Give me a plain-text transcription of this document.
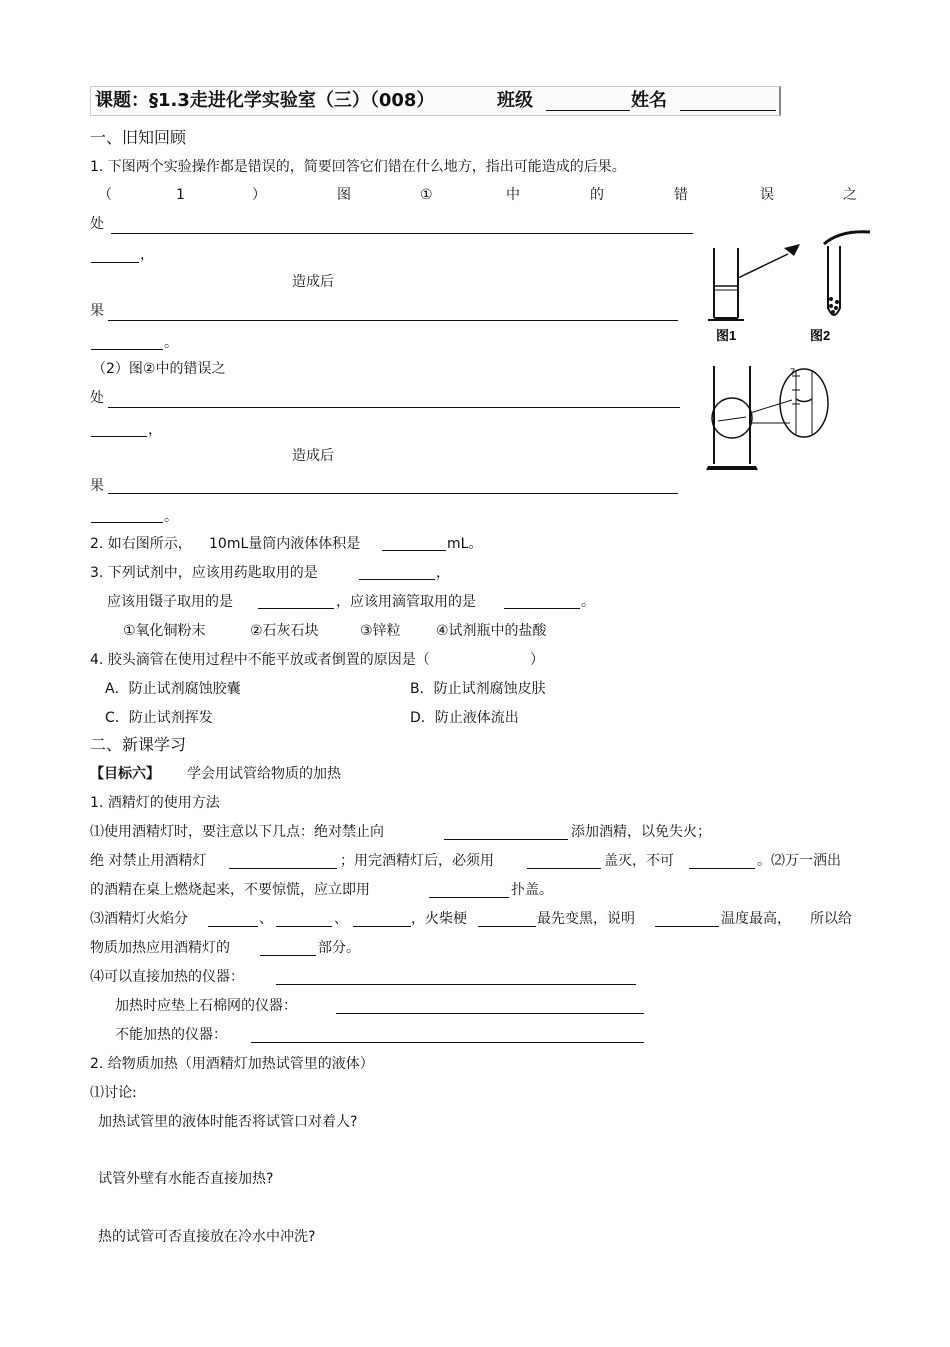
课题：§1.3走进化学实验室（三）（008）	班级	姓名
一、旧知回顾
1. 下图两个实验操作都是错误的，简要回答它们错在什么地方，指出可能造成的后果。
（	1	）	图	①	中	的	错	误	之
处
，
造成后
果
。
（2）图②中的错误之
处
，
造成后
果
。
2. 如右图所示， 10mL量筒内液体体积是	mL。
3. 下列试剂中，应该用药匙取用的是	，
应该用镊子取用的是	，应该用滴管取用的是	。
①氧化铜粉末	②石灰石块	③锌粒	④试剂瓶中的盐酸
4. 胶头滴管在使用过程中不能平放或者倒置的原因是（	）
A．防止试剂腐蚀胶囊	B．防止试剂腐蚀皮肤
C．防止试剂挥发	D．防止液体流出
图1	图2
7
二、新课学习
【目标六】 学会用试管给物质的加热
1. 酒精灯的使用方法
⑴使用酒精灯时，要注意以下几点：绝对禁止向	添加酒精，以免失火；
绝 对禁止用酒精灯	；用完酒精灯后，必须用	盖灭，不可	。⑵万一洒出
的酒精在桌上燃烧起来，不要惊慌，应立即用	扑盖。
⑶酒精灯火焰分	、	、	，火柴梗	最先变黑，说明	温度最高， 所以给
物质加热应用酒精灯的	部分。
⑷可以直接加热的仪器：
加热时应垫上石棉网的仪器：
不能加热的仪器：
2. 给物质加热（用酒精灯加热试管里的液体）
⑴讨论:
加热试管里的液体时能否将试管口对着人?
试管外壁有水能否直接加热?
热的试管可否直接放在冷水中冲洗?
